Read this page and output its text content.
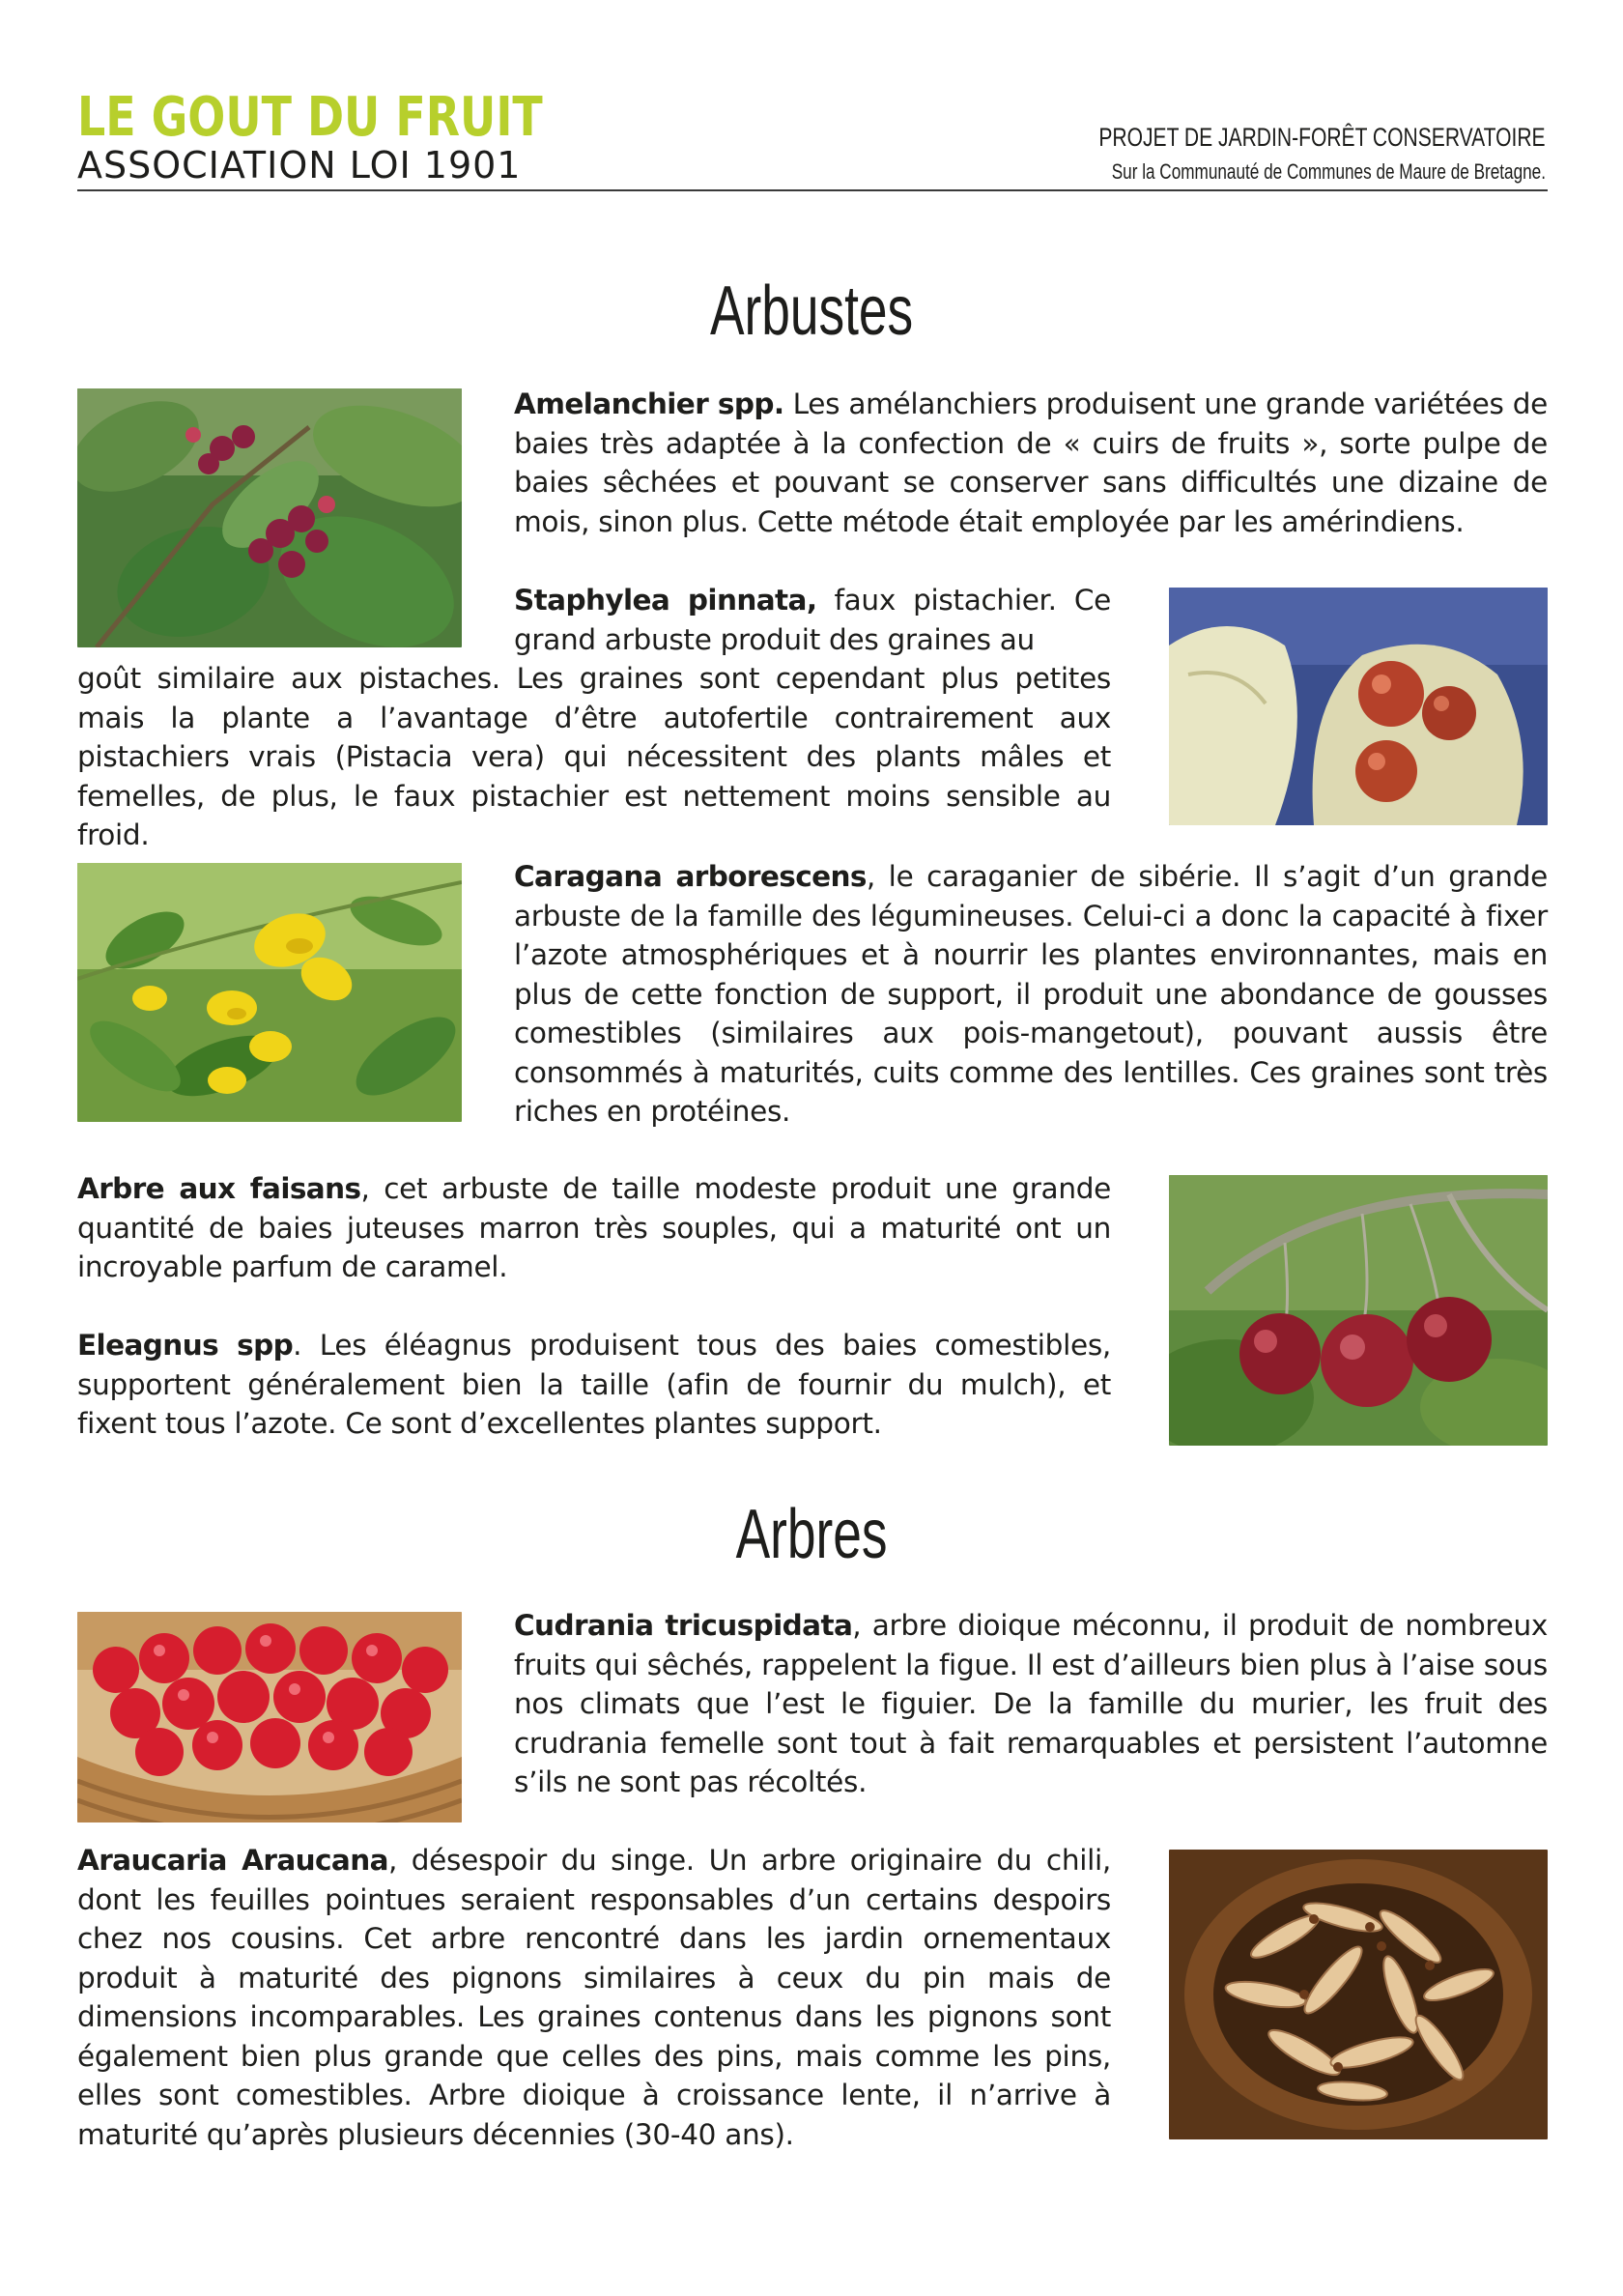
LE GOUT DU FRUIT
ASSOCIATION LOI 1901
PROJET DE JARDIN-FORÊT CONSERVATOIRE
Sur la Communauté de Communes de Maure de Bretagne.
Arbustes
Amelanchier spp. Les amélanchiers produisent une grande variétées de baies très adaptée à la confection de « cuirs de fruits », sorte pulpe de baies sêchées et pouvant se conserver sans difficultés une dizaine de mois, sinon plus. Cette métode était employée par les amérindiens.
Staphylea pinnata, faux pistachier. Ce grand arbuste produit des graines au
goût similaire aux pistaches. Les graines sont cependant plus petites mais la plante a l’avantage d’être autofertile contrairement aux pistachiers vrais (Pistacia vera) qui nécessitent des plants mâles et femelles, de plus, le faux pistachier est nettement moins sensible au froid.
Caragana arborescens, le caraganier de sibérie. Il s’agit d’un grande arbuste de la famille des légumineuses. Celui-ci a donc la capacité à fixer l’azote atmosphériques et à nourrir les plantes environnantes, mais en plus de cette fonction de support, il produit une abondance de gousses comestibles (similaires aux pois-mangetout), pouvant aussis être consommés à maturités, cuits comme des lentilles. Ces graines sont très riches en protéines.
Arbre aux faisans, cet arbuste de taille modeste produit une grande quantité de baies juteuses marron très souples, qui a maturité ont un incroyable parfum de caramel.
Eleagnus spp. Les éléagnus produisent tous des baies comestibles, supportent généralement bien la taille (afin de fournir du mulch), et fixent tous l’azote. Ce sont d’excellentes plantes support.
Arbres
Cudrania tricuspidata, arbre dioique méconnu, il produit de nombreux fruits qui sêchés, rappelent la figue. Il est d’ailleurs bien plus à l’aise sous nos climats que l’est le figuier. De la famille du murier, les fruit des crudrania femelle sont tout à fait remarquables et persistent l’automne s’ils ne sont pas récoltés.
Araucaria Araucana, désespoir du singe. Un arbre originaire du chili, dont les feuilles pointues seraient responsables d’un certains despoirs chez nos cousins. Cet arbre rencontré dans les jardin ornementaux produit à maturité des pignons similaires à ceux du pin mais de dimensions incomparables. Les graines contenus dans les pignons sont également bien plus grande que celles des pins, mais comme les pins, elles sont comestibles. Arbre dioique à croissance lente, il n’arrive à maturité qu’après plusieurs décennies (30-40 ans).
